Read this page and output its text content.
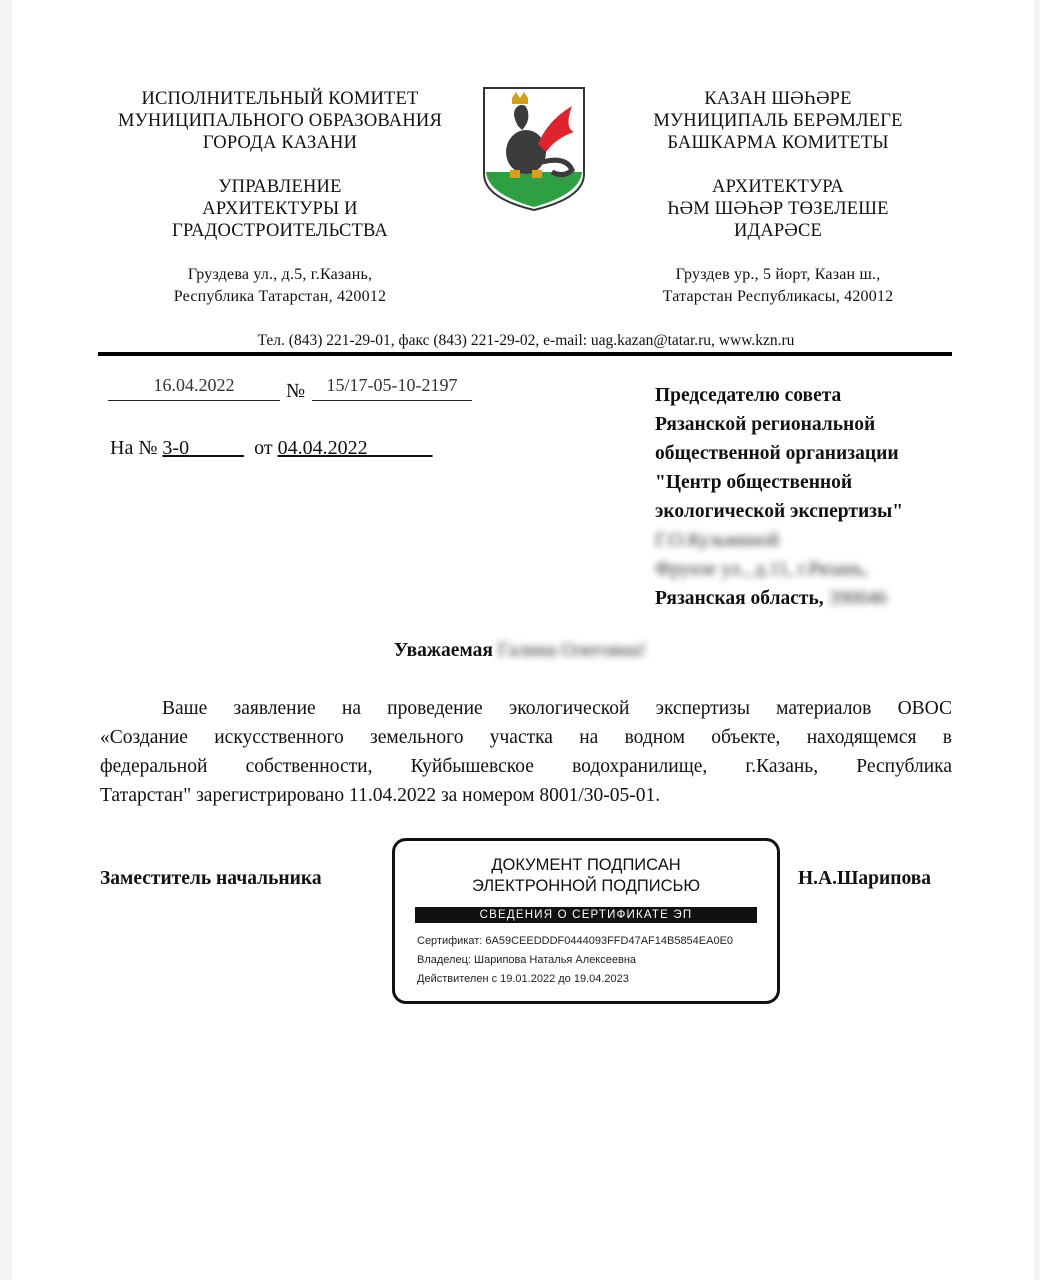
ИСПОЛНИТЕЛЬНЫЙ КОМИТЕТ
МУНИЦИПАЛЬНОГО ОБРАЗОВАНИЯ
ГОРОДА КАЗАНИ
УПРАВЛЕНИЕ
АРХИТЕКТУРЫ И
ГРАДОСТРОИТЕЛЬСТВА
Груздева ул., д.5, г.Казань,
Республика Татарстан, 420012
КАЗАН ШӘҺӘРЕ
МУНИЦИПАЛЬ БЕРӘМЛЕГЕ
БАШКАРМА КОМИТЕТЫ
АРХИТЕКТУРА
ҺӘМ ШӘҺӘР ТӨЗЕЛЕШЕ
ИДАРӘСЕ
Груздев ур., 5 йорт, Казан ш.,
Татарстан Республикасы, 420012
Тел. (843) 221-29-01, факс (843) 221-29-02, e-mail: uag.kazan@tatar.ru, www.kzn.ru
16.04.2022	№	15/17-05-10-2197
На № 3-0	от 04.04.2022
Председателю совета
Рязанской региональной
общественной организации
"Центр общественной
экологической экспертизы"
Г.О.Кузьминой
Фрунзе ул., д.11, г.Рязань,
Рязанская область, 390046
Уважаемая Галина Олеговна!
Ваше заявление на проведение экологической экспертизы материалов ОВОС
«Создание искусственного земельного участка на водном объекте, находящемся в
федеральной собственности, Куйбышевское водохранилище, г.Казань, Республика
Татарстан" зарегистрировано 11.04.2022 за номером 8001/30-05-01.
Заместитель начальника
ДОКУМЕНТ ПОДПИСАН
ЭЛЕКТРОННОЙ ПОДПИСЬЮ
СВЕДЕНИЯ О СЕРТИФИКАТЕ ЭП
Сертификат: 6A59CEEDDDF0444093FFD47AF14B5854EA0E0
Владелец: Шарипова Наталья Алексеевна
Действителен с 19.01.2022 до 19.04.2023
Н.А.Шарипова
